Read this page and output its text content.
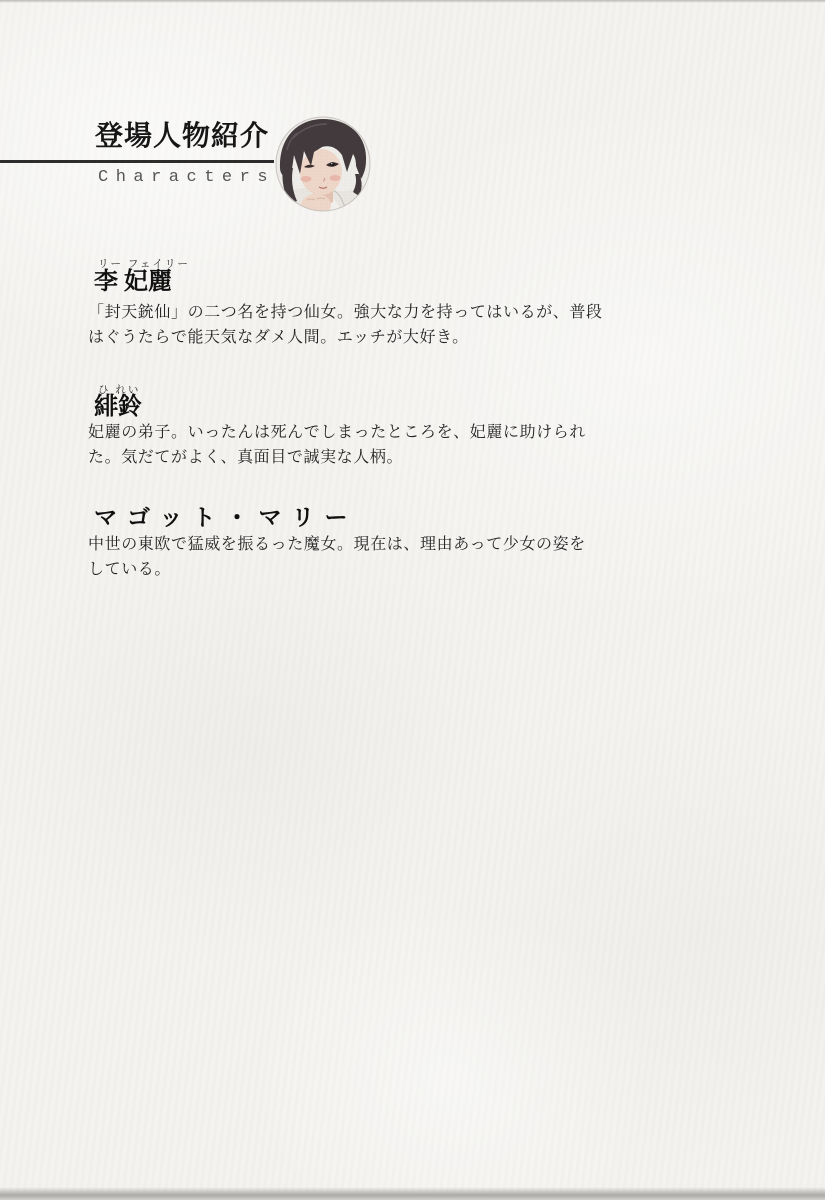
登場人物紹介
Characters
リー フェイリー
李 妃麗

「封天銃仙」の二つ名を持つ仙女。強大な力を持ってはいるが、普段
はぐうたらで能天気なダメ人間。エッチが大好き。

ひ れい
緋鈴

妃麗の弟子。いったんは死んでしまったところを、妃麗に助けられ
た。気だてがよく、真面目で誠実な人柄。

マゴット・マリー

中世の東欧で猛威を振るった魔女。現在は、理由あって少女の姿を
している。
